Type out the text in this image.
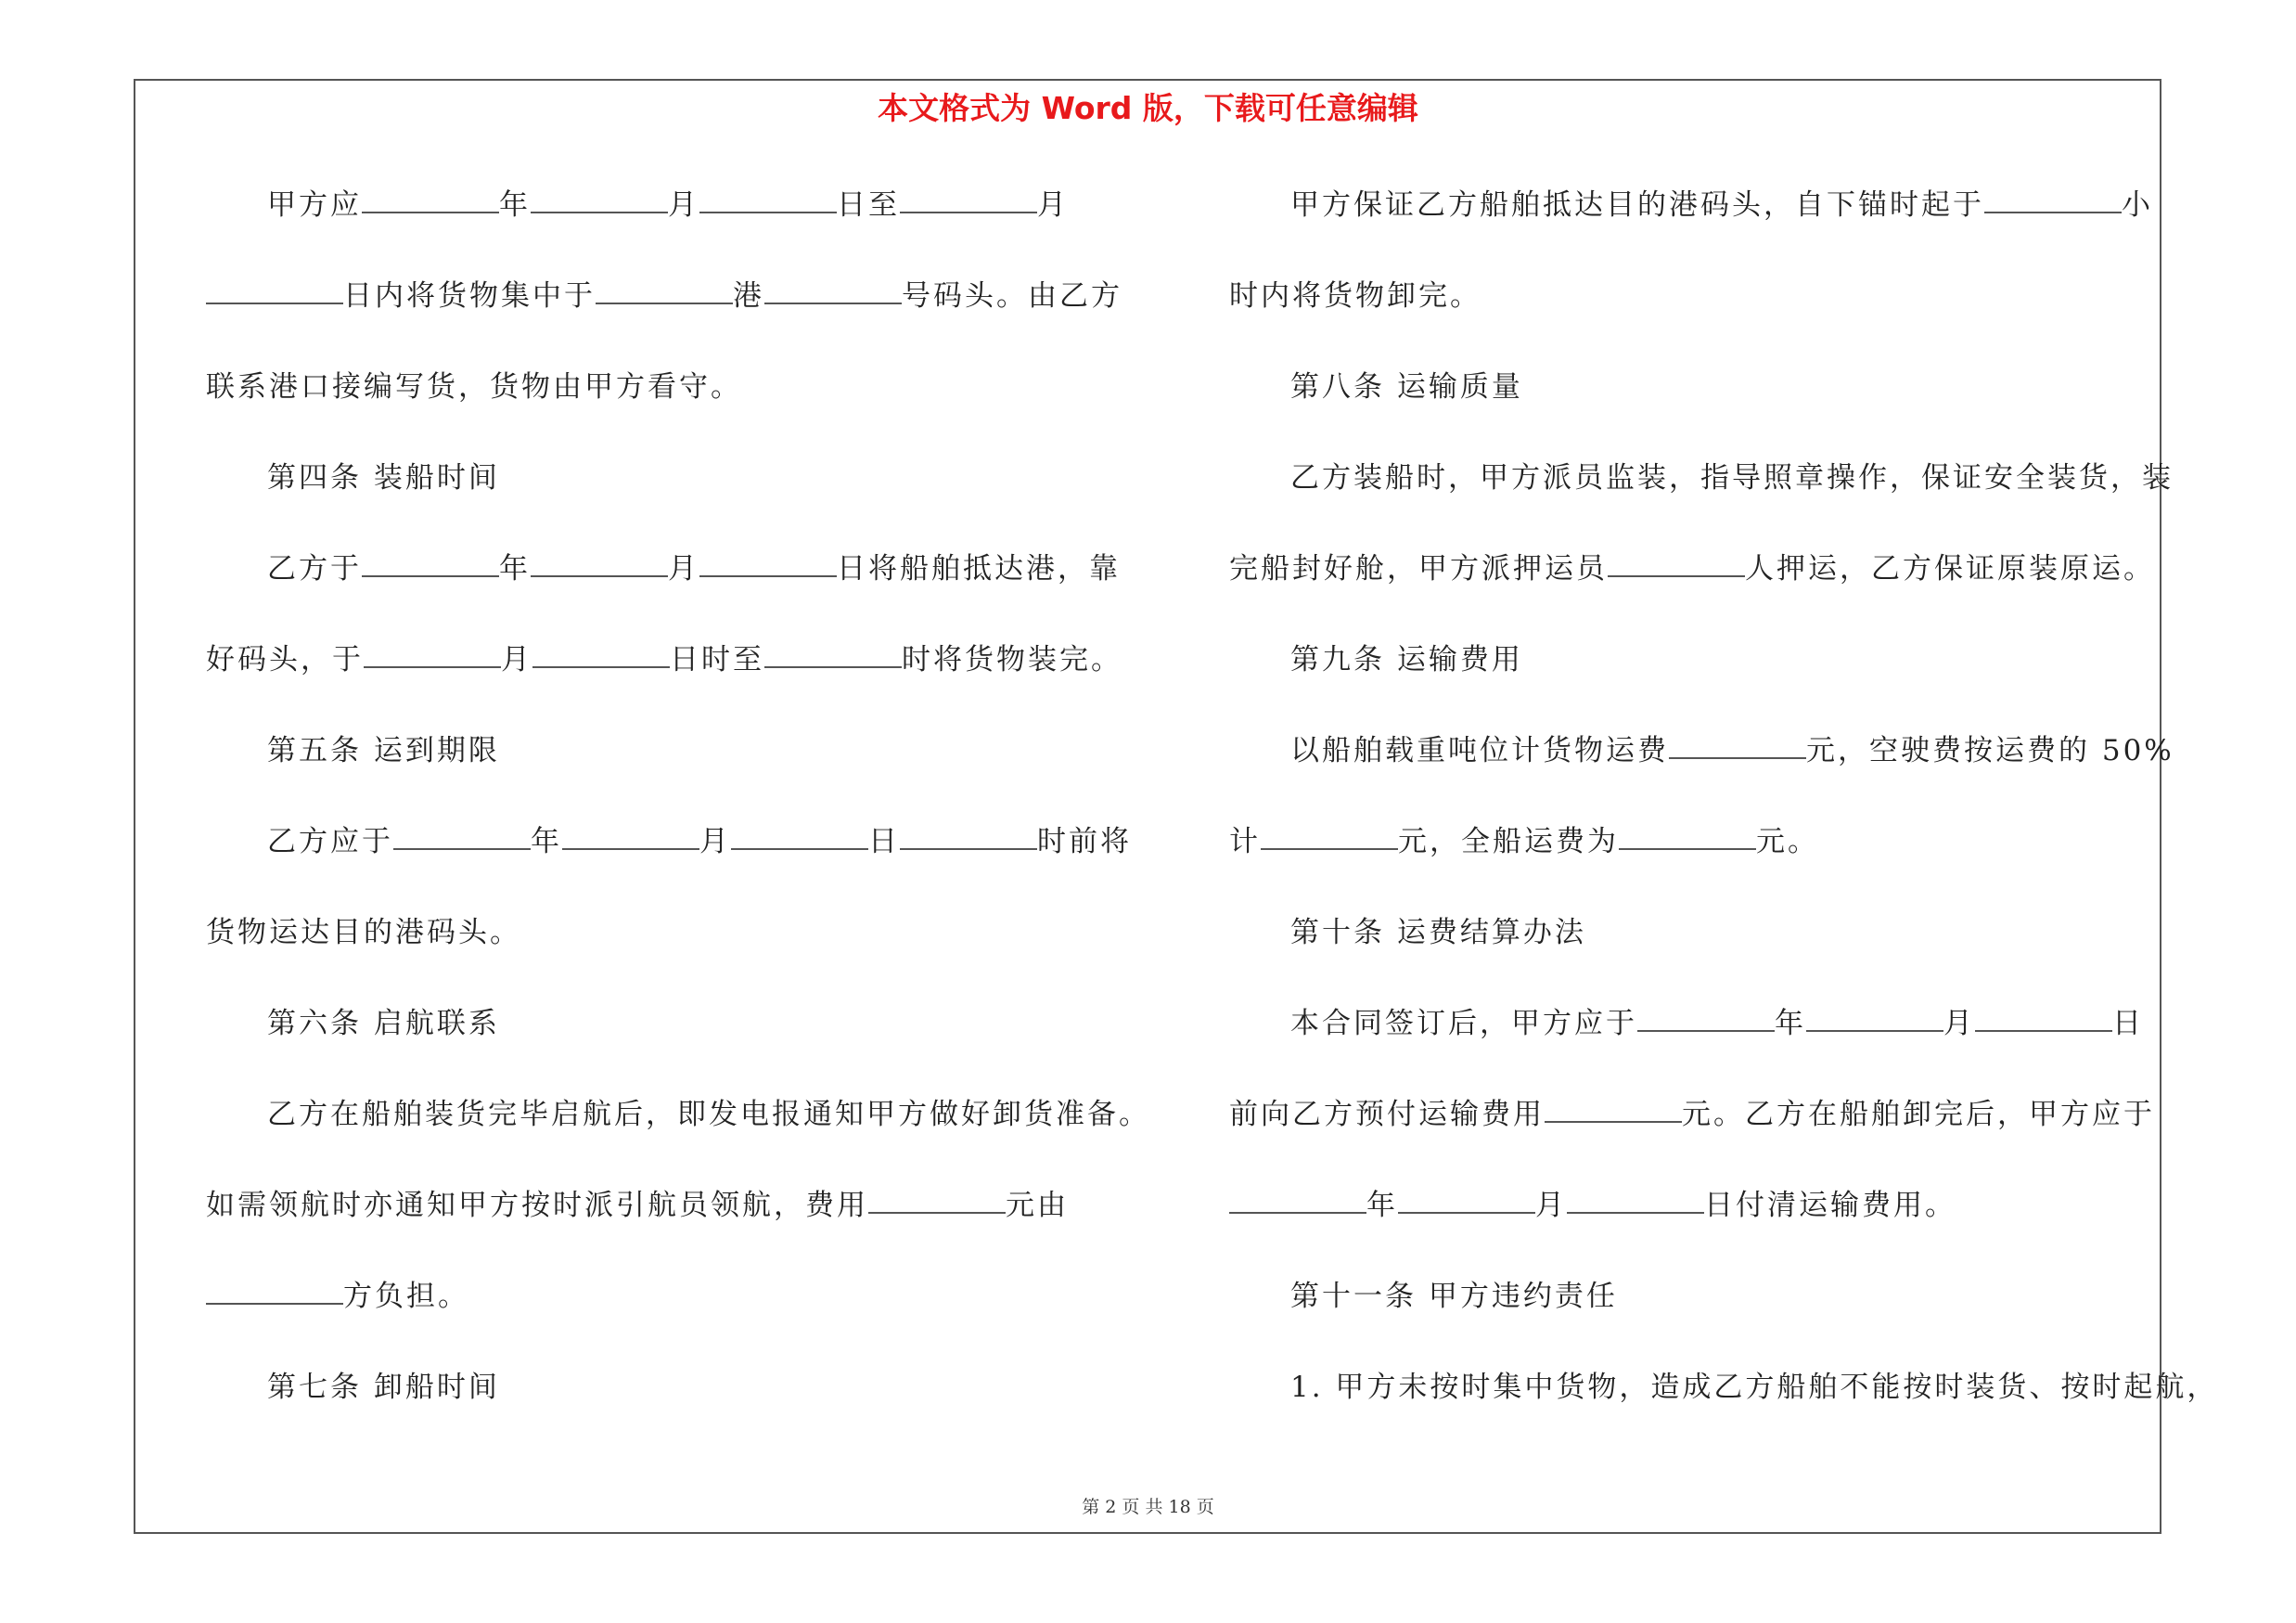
本文格式为 Word 版，下载可任意编辑
甲方应	年	月	日至	月
日内将货物集中于	港	号码头。由乙方
联系港口接编写货，货物由甲方看守。
第四条 装船时间
乙方于	年	月	日将船舶抵达港，靠
好码头，于	月	日时至	时将货物装完。
第五条 运到期限
乙方应于	年	月	日	时前将
货物运达目的港码头。
第六条 启航联系
乙方在船舶装货完毕启航后，即发电报通知甲方做好卸货准备。
如需领航时亦通知甲方按时派引航员领航，费用	元由
方负担。
第七条 卸船时间
甲方保证乙方船舶抵达目的港码头，自下锚时起于	小
时内将货物卸完。
第八条 运输质量
乙方装船时，甲方派员监装，指导照章操作，保证安全装货，装
完船封好舱，甲方派押运员	人押运，乙方保证原装原运。
第九条 运输费用
以船舶载重吨位计货物运费	元，空驶费按运费的 50%
计	元，全船运费为	元。
第十条 运费结算办法
本合同签订后，甲方应于	年	月	日
前向乙方预付运输费用	元。乙方在船舶卸完后，甲方应于
年	月	日付清运输费用。
第十一条 甲方违约责任
1. 甲方未按时集中货物，造成乙方船舶不能按时装货、按时起航，
第 2 页 共 18 页
